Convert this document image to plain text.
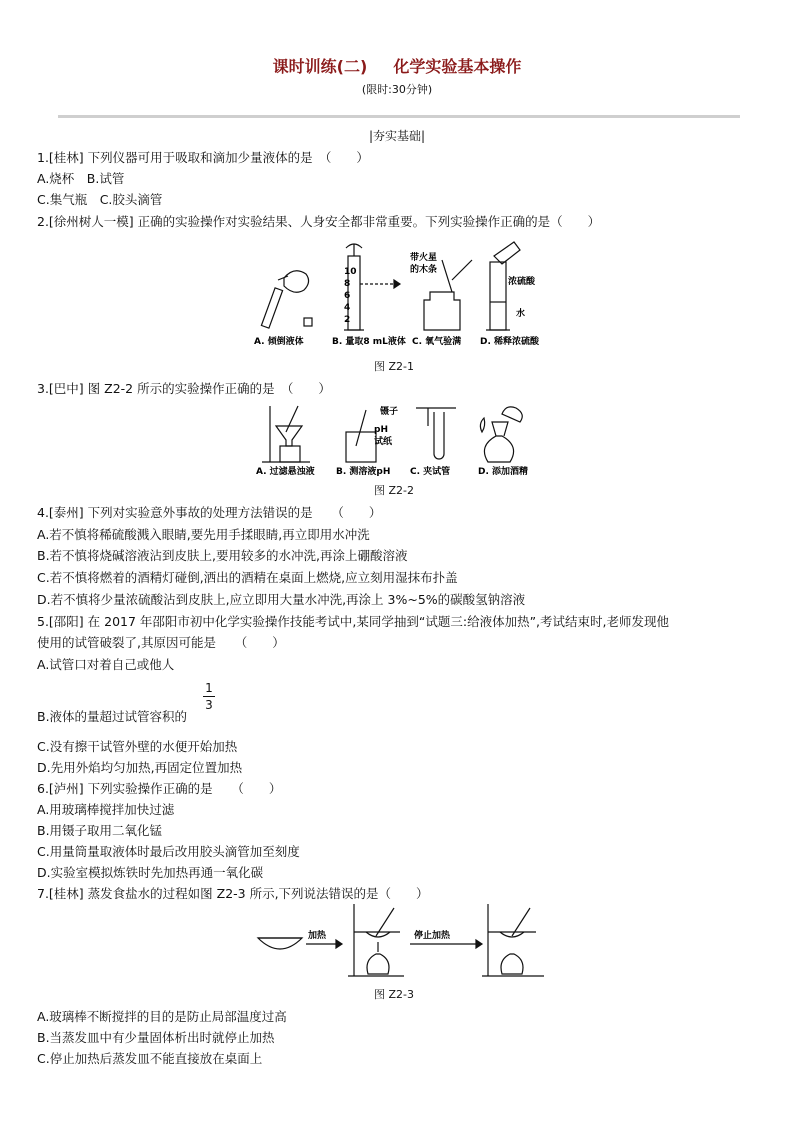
课时训练(二) 化学实验基本操作
(限时:30分钟)
|夯实基础|
1.[桂林] 下列仪器可用于吸取和滴加少量液体的是　（　　）
A.烧杯　B.试管
C.集气瓶　C.胶头滴管
2.[徐州树人一模] 正确的实验操作对实验结果、人身安全都非常重要。下列实验操作正确的是（　　）
10
8
6
4
2
带火星
的木条
浓硫酸
水
A. 倾倒液体	B. 量取8 mL液体 C. 氧气验满 D. 稀释浓硫酸
图 Z2-1
3.[巴中] 图 Z2-2 所示的实验操作正确的是　（　　）
镊子
pH
试纸
A. 过滤悬浊液 B. 测溶液pH C. 夹试管	D. 添加酒精
图 Z2-2
4.[泰州] 下列对实验意外事故的处理方法错误的是　　（　　）
A.若不慎将稀硫酸溅入眼睛,要先用手揉眼睛,再立即用水冲洗
B.若不慎将烧碱溶液沾到皮肤上,要用较多的水冲洗,再涂上硼酸溶液
C.若不慎将燃着的酒精灯碰倒,洒出的酒精在桌面上燃烧,应立刻用湿抹布扑盖
D.若不慎将少量浓硫酸沾到皮肤上,应立即用大量水冲洗,再涂上 3%~5%的碳酸氢钠溶液
5.[邵阳] 在 2017 年邵阳市初中化学实验操作技能考试中,某同学抽到“试题三:给液体加热”,考试结束时,老师发现他
使用的试管破裂了,其原因可能是　　（　　）
A.试管口对着自己或他人
B.液体的量超过试管容积的
1
3
C.没有擦干试管外壁的水便开始加热
D.先用外焰均匀加热,再固定位置加热
6.[泸州] 下列实验操作正确的是　　（　　）
A.用玻璃棒搅拌加快过滤
B.用镊子取用二氧化锰
C.用量筒量取液体时最后改用胶头滴管加至刻度
D.实验室模拟炼铁时先加热再通一氧化碳
7.[桂林] 蒸发食盐水的过程如图 Z2-3 所示,下列说法错误的是（　　）
加热	停止加热
图 Z2-3
A.玻璃棒不断搅拌的目的是防止局部温度过高
B.当蒸发皿中有少量固体析出时就停止加热
C.停止加热后蒸发皿不能直接放在桌面上
